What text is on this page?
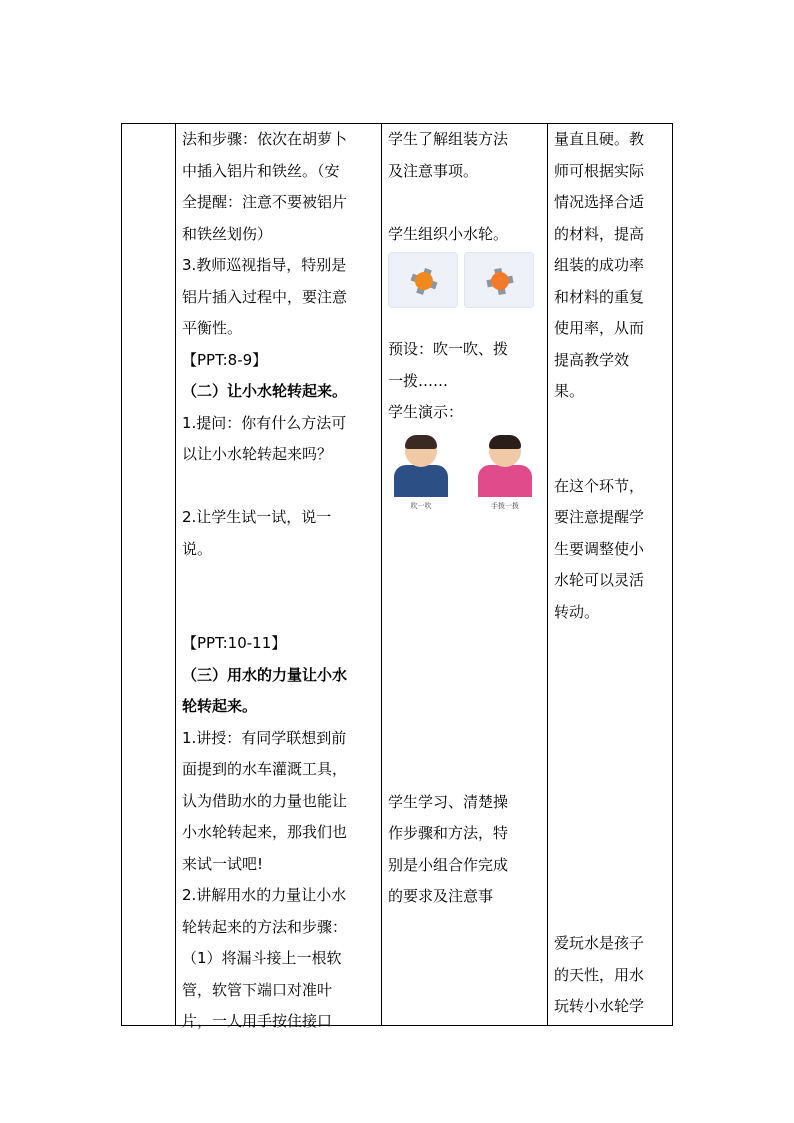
法和步骤：依次在胡萝卜

中插入铝片和铁丝。（安

全提醒：注意不要被铝片

和铁丝划伤）

3.教师巡视指导，特别是

铝片插入过程中，要注意

平衡性。

【PPT:8-9】

（二）让小水轮转起来。

1.提问：你有什么方法可

以让小水轮转起来吗？

2.让学生试一试，说一

说。

【PPT:10-11】

（三）用水的力量让小水

轮转起来。

1.讲授：有同学联想到前

面提到的水车灌溉工具，

认为借助水的力量也能让

小水轮转起来，那我们也

来试一试吧!

2.讲解用水的力量让小水

轮转起来的方法和步骤：

（1）将漏斗接上一根软

管，软管下端口对准叶

片，一人用手按住接口

学生了解组装方法

及注意事项。

学生组织小水轮。

预设：吹一吹、拨

一拨……

学生演示：

吹一吹	手拨一拨

学生学习、清楚操

作步骤和方法，特

别是小组合作完成

的要求及注意事

量直且硬。教

师可根据实际

情况选择合适

的材料，提高

组装的成功率

和材料的重复

使用率，从而

提高教学效

果。

在这个环节，

要注意提醒学

生要调整使小

水轮可以灵活

转动。

爱玩水是孩子

的天性，用水

玩转小水轮学
